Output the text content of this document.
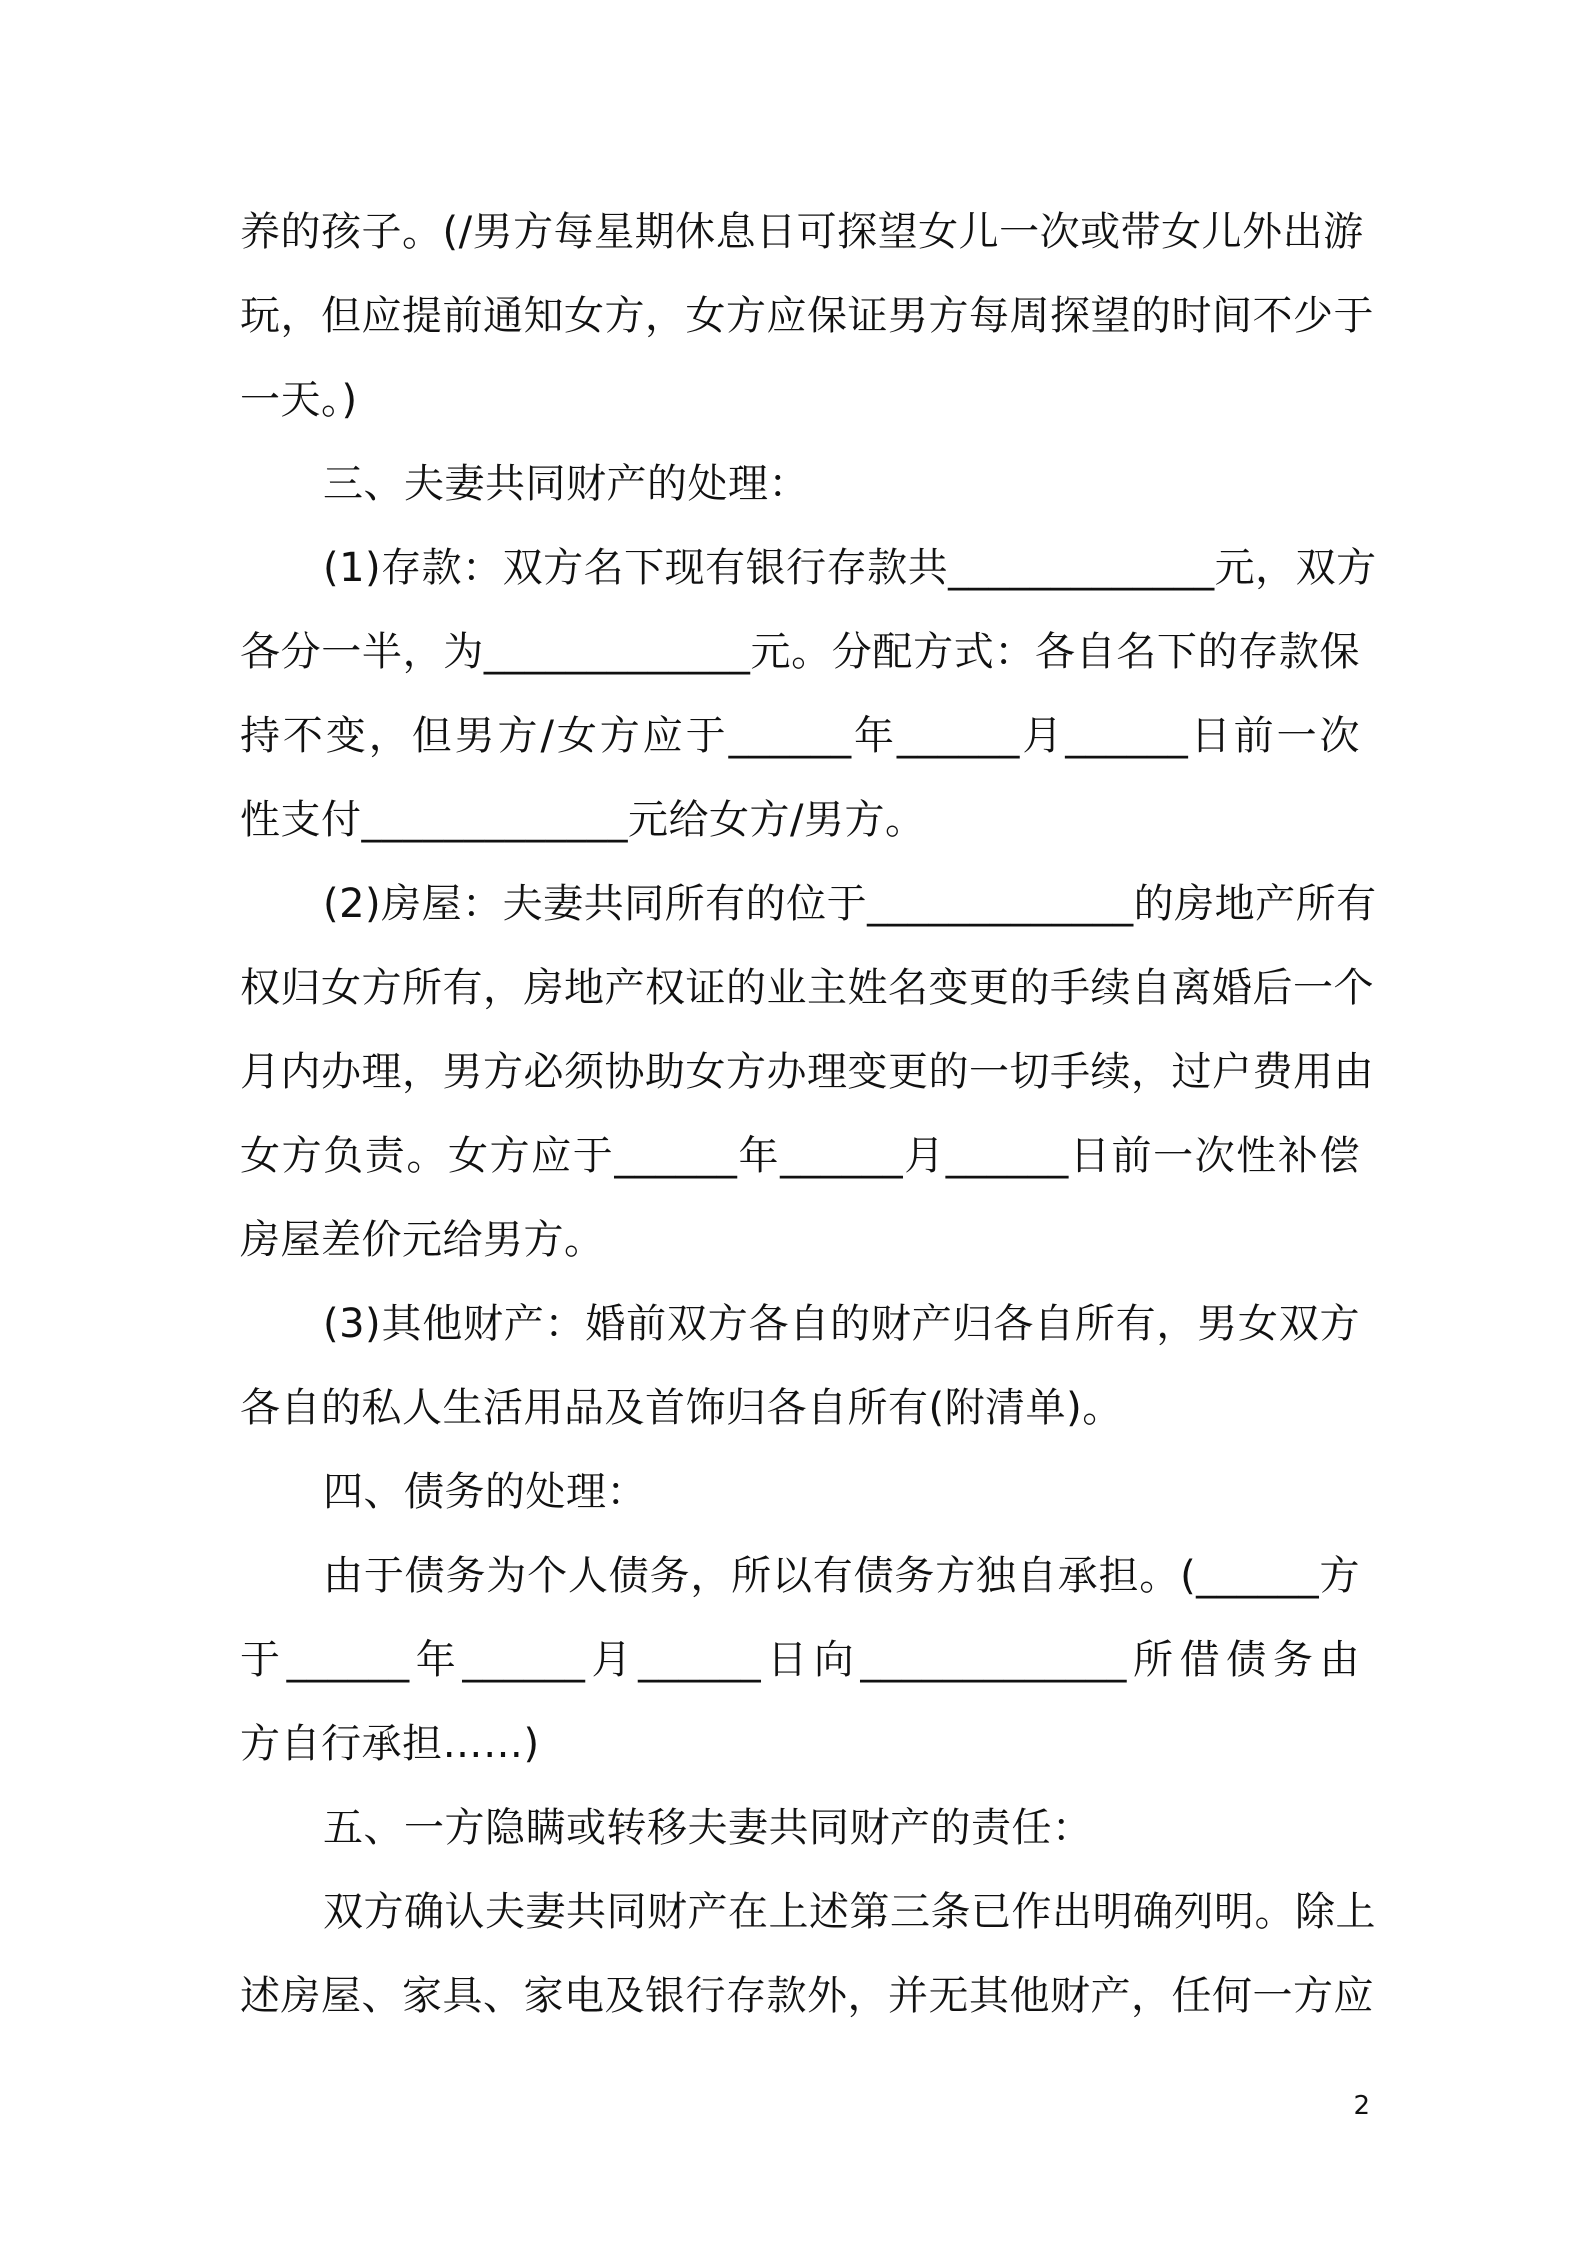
养的孩子。(/男方每星期休息日可探望女儿一次或带女儿外出游
玩，但应提前通知女方，女方应保证男方每周探望的时间不少于
一天。)
三、夫妻共同财产的处理：
(1)存款：双方名下现有银行存款共_____________元，双方
各分一半，为_____________元。分配方式：各自名下的存款保
持不变，但男方/女方应于______年______月______日前一次
性支付_____________元给女方/男方。
(2)房屋：夫妻共同所有的位于_____________的房地产所有
权归女方所有，房地产权证的业主姓名变更的手续自离婚后一个
月内办理，男方必须协助女方办理变更的一切手续，过户费用由
女方负责。女方应于______年______月______日前一次性补偿
房屋差价元给男方。
(3)其他财产：婚前双方各自的财产归各自所有，男女双方
各自的私人生活用品及首饰归各自所有(附清单)。
四、债务的处理：
由于债务为个人债务，所以有债务方独自承担。(______方
于______年______月______日向_____________所借债务由
方自行承担……)
五、一方隐瞒或转移夫妻共同财产的责任：
双方确认夫妻共同财产在上述第三条已作出明确列明。除上
述房屋、家具、家电及银行存款外，并无其他财产，任何一方应
2
